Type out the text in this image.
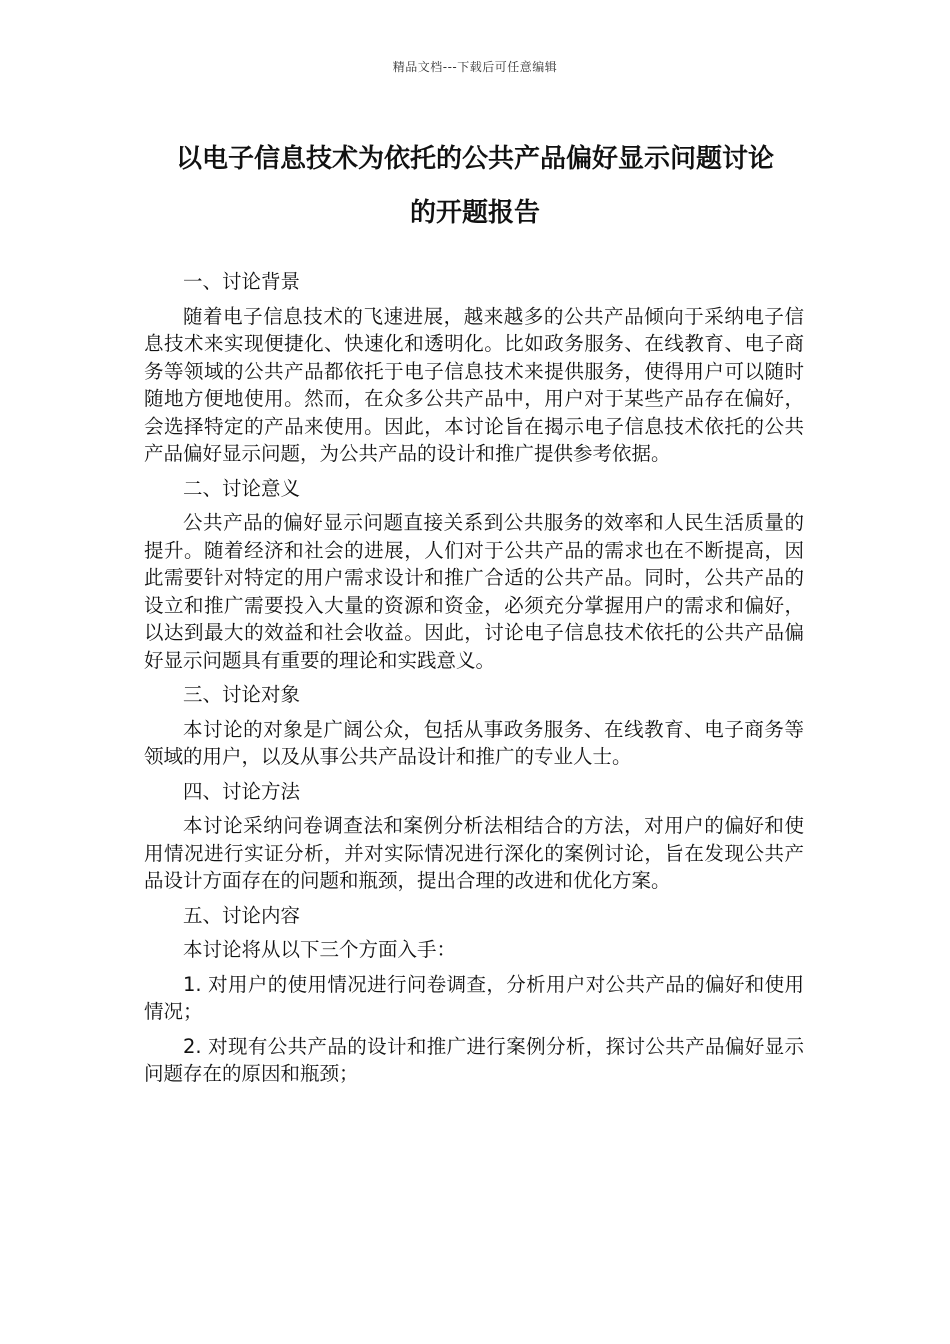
精品文档---下载后可任意编辑
以电子信息技术为依托的公共产品偏好显示问题讨论
的开题报告

一、讨论背景

随着电子信息技术的飞速进展，越来越多的公共产品倾向于采纳电子信息技术来实现便捷化、快速化和透明化。比如政务服务、在线教育、电子商务等领域的公共产品都依托于电子信息技术来提供服务，使得用户可以随时随地方便地使用。然而，在众多公共产品中，用户对于某些产品存在偏好，会选择特定的产品来使用。因此，本讨论旨在揭示电子信息技术依托的公共产品偏好显示问题，为公共产品的设计和推广提供参考依据。

二、讨论意义

公共产品的偏好显示问题直接关系到公共服务的效率和人民生活质量的提升。随着经济和社会的进展，人们对于公共产品的需求也在不断提高，因此需要针对特定的用户需求设计和推广合适的公共产品。同时，公共产品的设立和推广需要投入大量的资源和资金，必须充分掌握用户的需求和偏好，以达到最大的效益和社会收益。因此，讨论电子信息技术依托的公共产品偏好显示问题具有重要的理论和实践意义。

三、讨论对象

本讨论的对象是广阔公众，包括从事政务服务、在线教育、电子商务等领域的用户，以及从事公共产品设计和推广的专业人士。

四、讨论方法

本讨论采纳问卷调查法和案例分析法相结合的方法，对用户的偏好和使用情况进行实证分析，并对实际情况进行深化的案例讨论，旨在发现公共产品设计方面存在的问题和瓶颈，提出合理的改进和优化方案。

五、讨论内容

本讨论将从以下三个方面入手：

1. 对用户的使用情况进行问卷调查，分析用户对公共产品的偏好和使用情况；

2. 对现有公共产品的设计和推广进行案例分析，探讨公共产品偏好显示问题存在的原因和瓶颈；
